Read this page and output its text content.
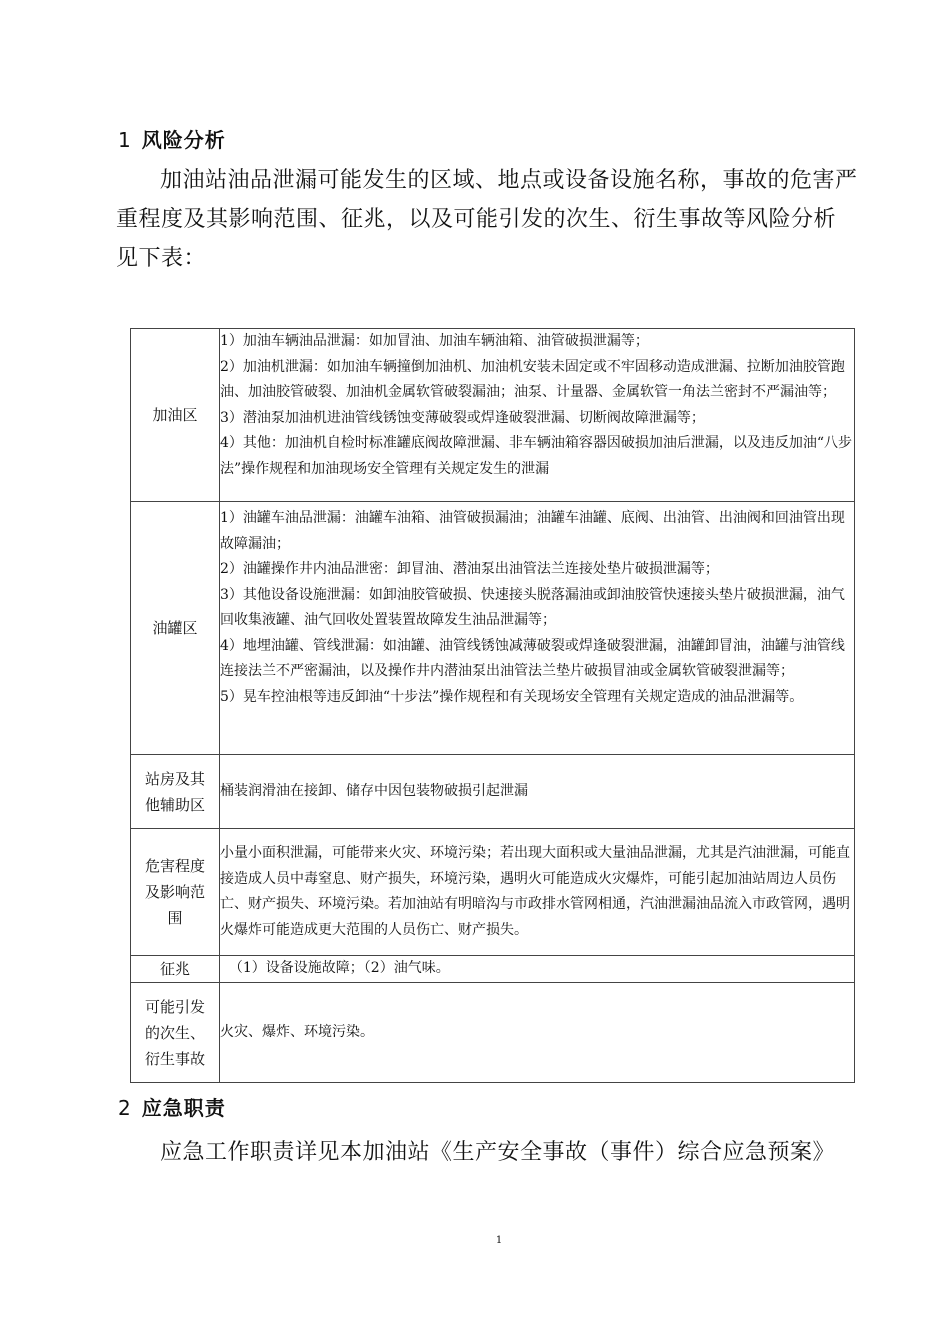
1 风险分析
加油站油品泄漏可能发生的区域、地点或设备设施名称，事故的危害严重程度及其影响范围、征兆，以及可能引发的次生、衍生事故等风险分析见下表：
加油区	1）加油车辆油品泄漏：如加冒油、加油车辆油箱、油管破损泄漏等；
2）加油机泄漏：如加油车辆撞倒加油机、加油机安装未固定或不牢固移动造成泄漏、拉断加油胶管跑油、加油胶管破裂、加油机金属软管破裂漏油；油泵、计量器、金属软管一角法兰密封不严漏油等；
3）潜油泵加油机进油管线锈蚀变薄破裂或焊逢破裂泄漏、切断阀故障泄漏等；
4）其他：加油机自检时标准罐底阀故障泄漏、非车辆油箱容器因破损加油后泄漏，以及违反加油“八步法”操作规程和加油现场安全管理有关规定发生的泄漏

油罐区	1）油罐车油品泄漏：油罐车油箱、油管破损漏油；油罐车油罐、底阀、出油管、出油阀和回油管出现故障漏油；
2）油罐操作井内油品泄密：卸冒油、潜油泵出油管法兰连接处垫片破损泄漏等；
3）其他设备设施泄漏：如卸油胶管破损、快速接头脱落漏油或卸油胶管快速接头垫片破损泄漏，油气回收集液罐、油气回收处置装置故障发生油品泄漏等；
4）地埋油罐、管线泄漏：如油罐、油管线锈蚀减薄破裂或焊逢破裂泄漏，油罐卸冒油，油罐与油管线连接法兰不严密漏油，以及操作井内潜油泵出油管法兰垫片破损冒油或金属软管破裂泄漏等；
5）晃车控油根等违反卸油“十步法”操作规程和有关现场安全管理有关规定造成的油品泄漏等。

站房及其他辅助区	桶装润滑油在接卸、储存中因包装物破损引起泄漏

危害程度及影响范围	小量小面积泄漏，可能带来火灾、环境污染；若出现大面积或大量油品泄漏，尤其是汽油泄漏，可能直接造成人员中毒窒息、财产损失，环境污染，遇明火可能造成火灾爆炸，可能引起加油站周边人员伤亡、财产损失、环境污染。若加油站有明暗沟与市政排水管网相通，汽油泄漏油品流入市政管网，遇明火爆炸可能造成更大范围的人员伤亡、财产损失。

征兆	（1）设备设施故障；（2）油气味。

可能引发的次生、衍生事故	火灾、爆炸、环境污染。
2 应急职责
应急工作职责详见本加油站《生产安全事故（事件）综合应急预案》
1
